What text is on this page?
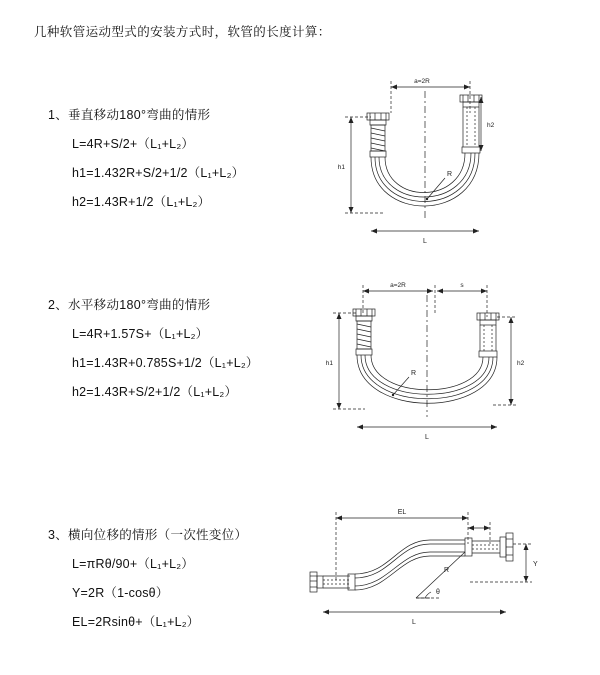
几种软管运动型式的安装方式时，软管的长度计算：
1、垂直移动180°弯曲的情形
L=4R+S/2+（L₁+L₂）
h1=1.432R+S/2+1/2（L₁+L₂）
h2=1.43R+1/2（L₁+L₂）
a=2R
h2
h1
R
L
2、水平移动180°弯曲的情形
L=4R+1.57S+（L₁+L₂）
h1=1.43R+0.785S+1/2（L₁+L₂）
h2=1.43R+S/2+1/2（L₁+L₂）
a=2R	s
h1	h2
R
L
3、横向位移的情形（一次性变位）
L=πRθ/90+（L₁+L₂）
Y=2R（1-cosθ）
EL=2Rsinθ+（L₁+L₂）
EL
Y
R
θ
L
